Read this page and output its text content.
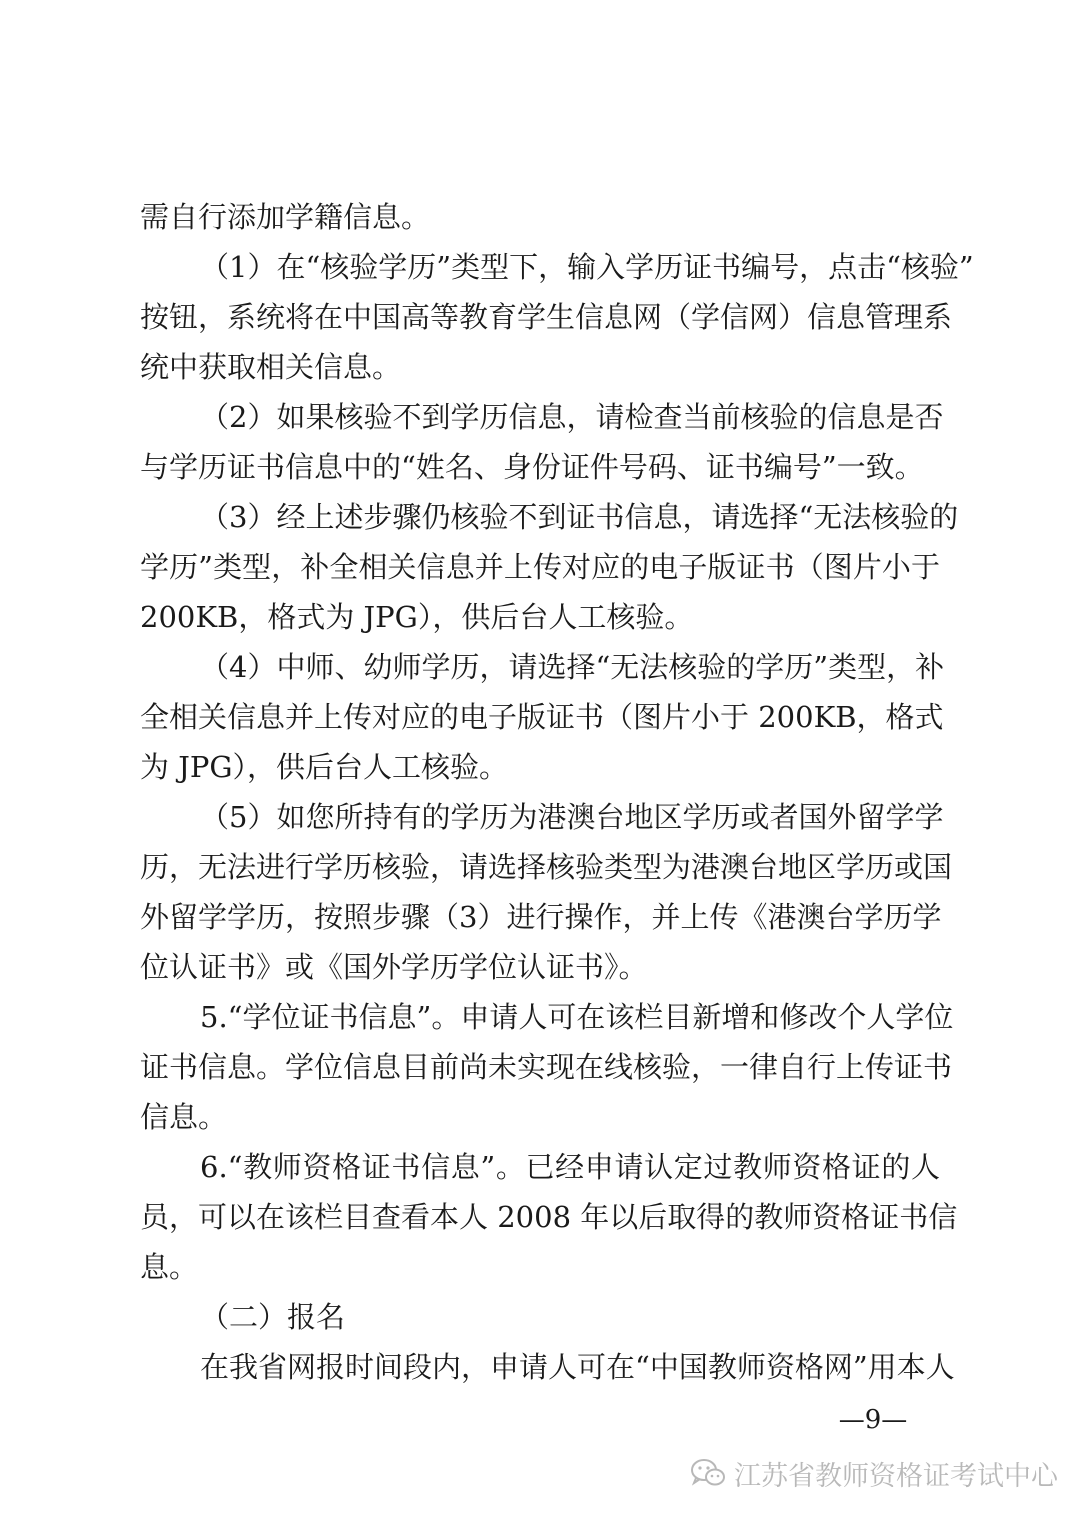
需自行添加学籍信息。
（1）在“核验学历”类型下，输入学历证书编号，点击“核验”
按钮，系统将在中国高等教育学生信息网（学信网）信息管理系
统中获取相关信息。
（2）如果核验不到学历信息，请检查当前核验的信息是否
与学历证书信息中的“姓名、身份证件号码、证书编号”一致。
（3）经上述步骤仍核验不到证书信息，请选择“无法核验的
学历”类型，补全相关信息并上传对应的电子版证书（图片小于
200KB，格式为 JPG），供后台人工核验。
（4）中师、幼师学历，请选择“无法核验的学历”类型，补
全相关信息并上传对应的电子版证书（图片小于 200KB，格式
为 JPG），供后台人工核验。
（5）如您所持有的学历为港澳台地区学历或者国外留学学
历，无法进行学历核验，请选择核验类型为港澳台地区学历或国
外留学学历，按照步骤（3）进行操作，并上传《港澳台学历学
位认证书》或《国外学历学位认证书》。
5.“学位证书信息”。申请人可在该栏目新增和修改个人学位
证书信息。学位信息目前尚未实现在线核验，一律自行上传证书
信息。
6.“教师资格证书信息”。已经申请认定过教师资格证的人
员，可以在该栏目查看本人 2008 年以后取得的教师资格证书信
息。
（二）报名
在我省网报时间段内，申请人可在“中国教师资格网”用本人
—9—
江苏省教师资格证考试中心
